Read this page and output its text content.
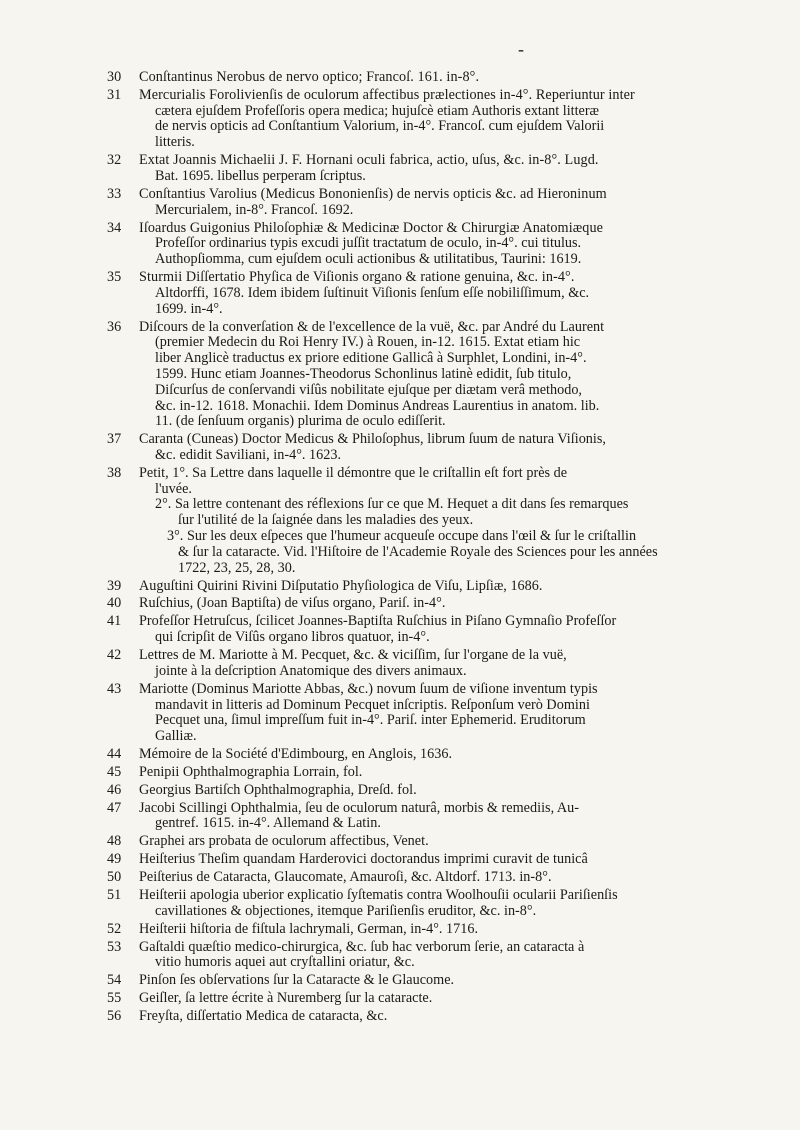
-
30	Conſtantinus Nerobus de nervo optico; Francoſ. 161. in-8°.
31	Mercurialis Forolivienſis de oculorum affectibus prælectiones in-4°. Reperiuntur inter
cætera ejuſdem Profeſſoris opera medica; hujuſcè etiam Authoris extant litteræ
de nervis opticis ad Conſtantium Valorium, in-4°. Francoſ. cum ejuſdem Valorii
litteris.
32	Extat Joannis Michaelii J. F. Hornani oculi fabrica, actio, uſus, &c. in-8°. Lugd.
Bat. 1695. libellus perperam ſcriptus.
33	Conſtantius Varolius (Medicus Bononienſis) de nervis opticis &c. ad Hieroninum
Mercurialem, in-8°. Francoſ. 1692.
34	Iſoardus Guigonius Philoſophiæ & Medicinæ Doctor & Chirurgiæ Anatomiæque
Profeſſor ordinarius typis excudi juſſit tractatum de oculo, in-4°. cui titulus.
Authopſiomma, cum ejuſdem oculi actionibus & utilitatibus, Taurini: 1619.
35	Sturmii Diſſertatio Phyſica de Viſionis organo & ratione genuina, &c. in-4°.
Altdorffi, 1678. Idem ibidem ſuſtinuit Viſionis ſenſum eſſe nobiliſſimum, &c.
1699. in-4°.
36	Diſcours de la converſation & de l'excellence de la vuë, &c. par André du Laurent
(premier Medecin du Roi Henry IV.) à Rouen, in-12. 1615. Extat etiam hic
liber Anglicè traductus ex priore editione Gallicâ à Surphlet, Londini, in-4°.
1599. Hunc etiam Joannes-Theodorus Schonlinus latinè edidit, ſub titulo,
Diſcurſus de conſervandi viſûs nobilitate ejuſque per diætam verâ methodo,
&c. in-12. 1618. Monachii. Idem Dominus Andreas Laurentius in anatom. lib.
11. (de ſenſuum organis) plurima de oculo ediſſerit.
37	Caranta (Cuneas) Doctor Medicus & Philoſophus, librum ſuum de natura Viſionis,
&c. edidit Saviliani, in-4°. 1623.
38	Petit, 1°. Sa Lettre dans laquelle il démontre que le criſtallin eſt fort près de
l'uvée.
2°. Sa lettre contenant des réflexions ſur ce que M. Hequet a dit dans ſes remarques
ſur l'utilité de la ſaignée dans les maladies des yeux.
3°. Sur les deux eſpeces que l'humeur acqueuſe occupe dans l'œil & ſur le criſtallin
& ſur la cataracte. Vid. l'Hiſtoire de l'Academie Royale des Sciences pour les années
1722, 23, 25, 28, 30.
39	Auguſtini Quirini Rivini Diſputatio Phyſiologica de Viſu, Lipſiæ, 1686.
40	Ruſchius, (Joan Baptiſta) de viſus organo, Pariſ. in-4°.
41	Profeſſor Hetruſcus, ſcilicet Joannes-Baptiſta Ruſchius in Piſano Gymnaſio Profeſſor
qui ſcripſit de Viſûs organo libros quatuor, in-4°.
42	Lettres de M. Mariotte à M. Pecquet, &c. & viciſſim, ſur l'organe de la vuë,
jointe à la deſcription Anatomique des divers animaux.
43	Mariotte (Dominus Mariotte Abbas, &c.) novum ſuum de viſione inventum typis
mandavit in litteris ad Dominum Pecquet inſcriptis. Reſponſum verò Domini
Pecquet una, ſimul impreſſum fuit in-4°. Pariſ. inter Ephemerid. Eruditorum
Galliæ.
44	Mémoire de la Société d'Edimbourg, en Anglois, 1636.
45	Penipii Ophthalmographia Lorrain, fol.
46	Georgius Bartiſch Ophthalmographia, Dreſd. fol.
47	Jacobi Scillingi Ophthalmia, ſeu de oculorum naturâ, morbis & remediis, Au-
gentref. 1615. in-4°. Allemand & Latin.
48	Graphei ars probata de oculorum affectibus, Venet.
49	Heiſterius Theſim quandam Harderovici doctorandus imprimi curavit de tunicâ
50	Peiſterius de Cataracta, Glaucomate, Amauroſi, &c. Altdorf. 1713. in-8°.
51	Heiſterii apologia uberior explicatio ſyſtematis contra Woolhouſii ocularii Pariſienſis
cavillationes & objectiones, itemque Pariſienſis eruditor, &c. in-8°.
52	Heiſterii hiſtoria de fiſtula lachrymali, German, in-4°. 1716.
53	Gaſtaldi quæſtio medico-chirurgica, &c. ſub hac verborum ſerie, an cataracta à
vitio humoris aquei aut cryſtallini oriatur, &c.
54	Pinſon ſes obſervations ſur la Cataracte & le Glaucome.
55	Geiſler, ſa lettre écrite à Nuremberg ſur la cataracte.
56	Freyſta, diſſertatio Medica de cataracta, &c.
